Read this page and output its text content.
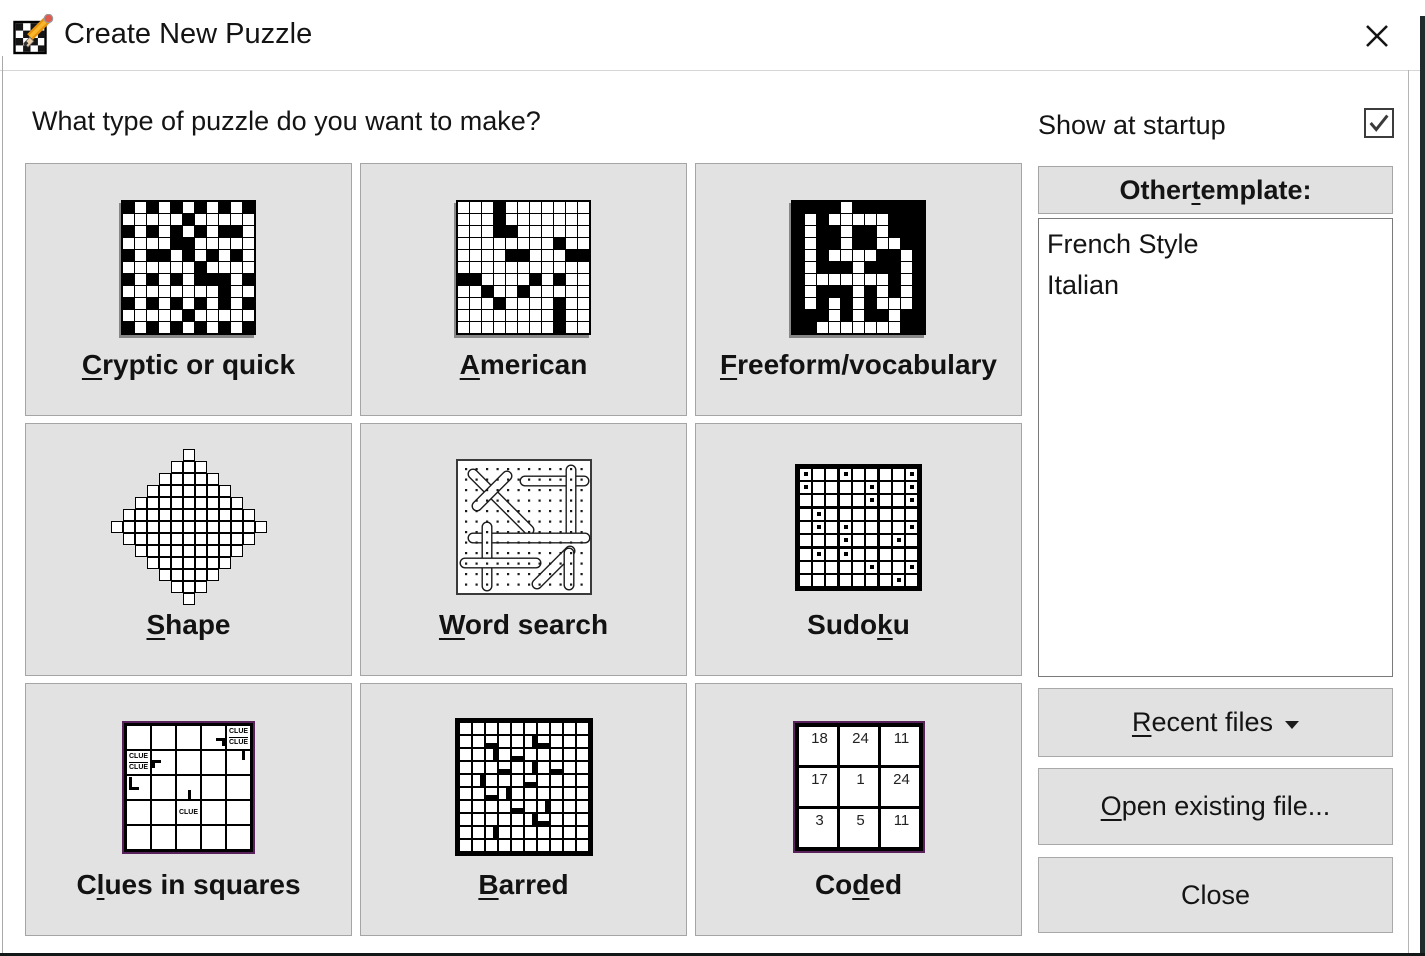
Create New Puzzle
What type of puzzle do you want to make?
Cryptic or quick	American	Freeform/vocabulary
Shape	Word search	Sudoku
CLUE
CLUE
CLUE
CLUE
CLUE
Clues in squares	Barred
18	24	11
17	1	24
3	5	11
Coded
Show at startup
Other t emplate:
French Style
Italian
Recent files
Open existing file...
Close
